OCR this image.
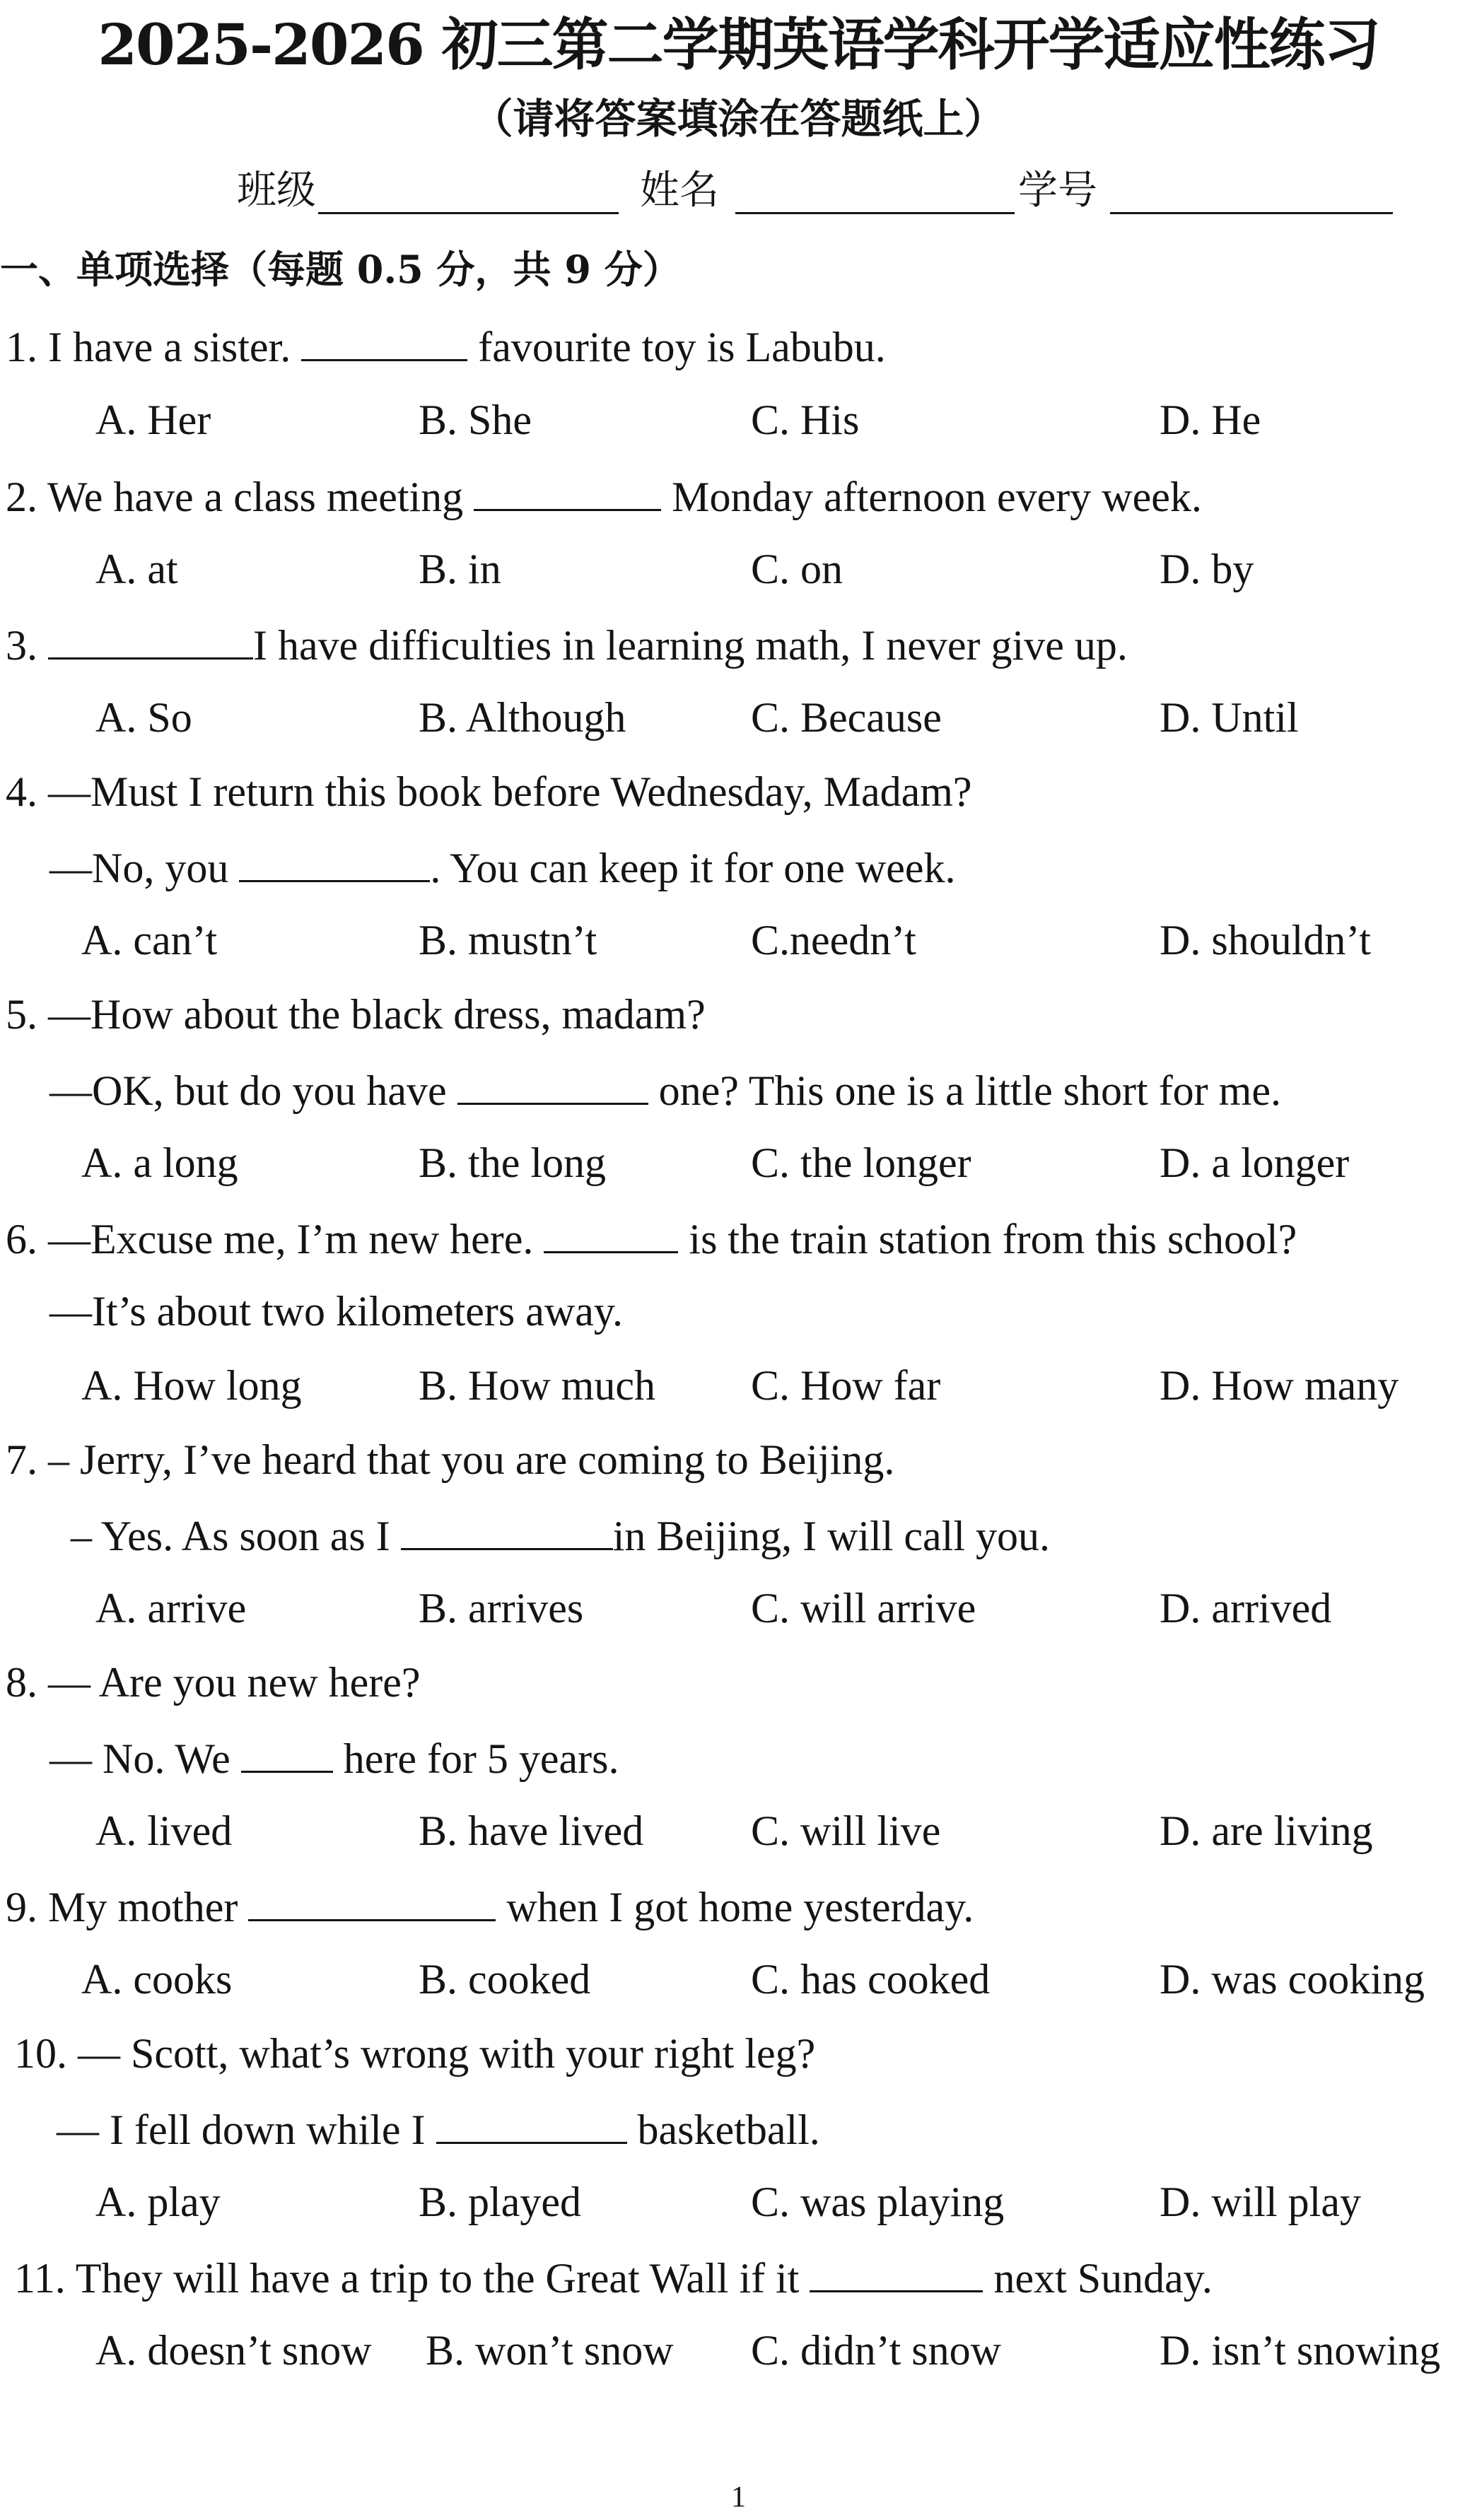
2025-2026 初三第二学期英语学科开学适应性练习
（请将答案填涂在答题纸上）
班级	姓名	学号
一、单项选择（每题 0.5 分，共 9 分）
1. I have a sister.	favourite toy is Labubu.
A. Her	B. She	C. His	D. He
2. We have a class meeting	Monday afternoon every week.
A. at	B. in	C. on	D. by
3.	I have difficulties in learning math, I never give up.
A. So	B. Although	C. Because	D. Until
4. —Must I return this book before Wednesday, Madam?
—No, you	. You can keep it for one week.
A. can’t	B. mustn’t	C.needn’t	D. shouldn’t
5. —How about the black dress, madam?
—OK, but do you have	one? This one is a little short for me.
A. a long	B. the long	C. the longer	D. a longer
6. —Excuse me, I’m new here.	is the train station from this school?
—It’s about two kilometers away.
A. How long	B. How much C. How far	D. How many
7. – Jerry, I’ve heard that you are coming to Beijing.
– Yes. As soon as I	in Beijing, I will call you.
A. arrive	B. arrives	C. will arrive	D. arrived
8. — Are you new here?
— No. We  here for 5 years.
A. lived	B. have lived	C. will live	D. are living
9. My mother	when I got home yesterday.
A. cooks	B. cooked	C. has cooked	D. was cooking
10. — Scott, what’s wrong with your right leg?
— I fell down while I	basketball.
A. play	B. played	C. was playing	D. will play
11. They will have a trip to the Great Wall if it	next Sunday.
A. doesn’t snow B. won’t snow C. didn’t snow	D. isn’t snowing
1
